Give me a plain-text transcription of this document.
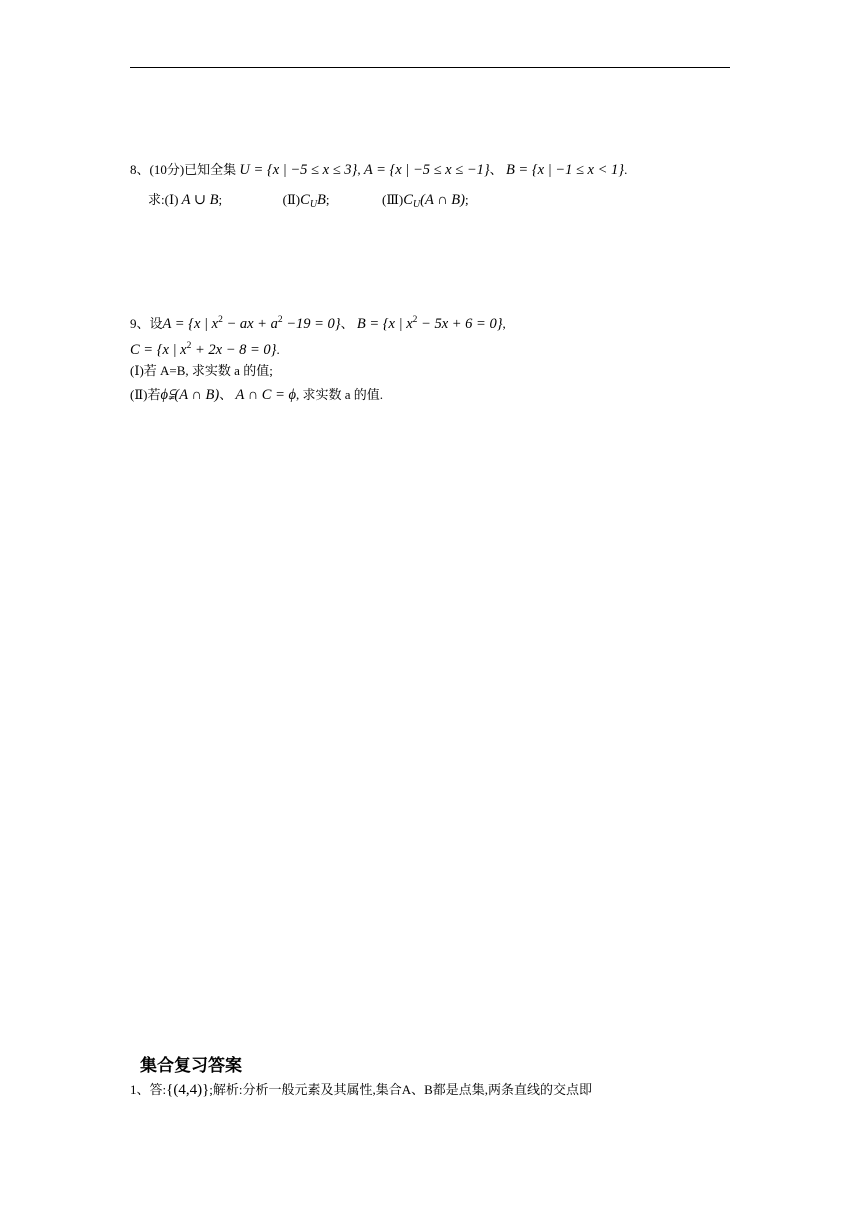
8、(10分)已知全集 U = {x | −5 ≤ x ≤ 3}, A = {x | −5 ≤ x ≤ −1}、 B = {x | −1 ≤ x < 1}.
求:(Ⅰ) A ∪ B;	$(Ⅱ)C_UB$;	$(Ⅲ)C_U(A$ ∩ B);
9、设A = {x | $x^2$ − ax + $a^2 -19 = 0$}、 B = {x | $x^2 - 5x + 6 = 0$},
C = {x | $x^2 + 2x - 8 = 0$}.
(Ⅰ)若 A=B, 求实数 a 的值;
(Ⅱ)若ϕ⫋(A ∩ B)、 A ∩ C = ϕ, 求实数 a 的值.
集合复习答案
1、答:{(4,4)};解析:分析一般元素及其属性,集合A、B都是点集,两条直线的交点即
